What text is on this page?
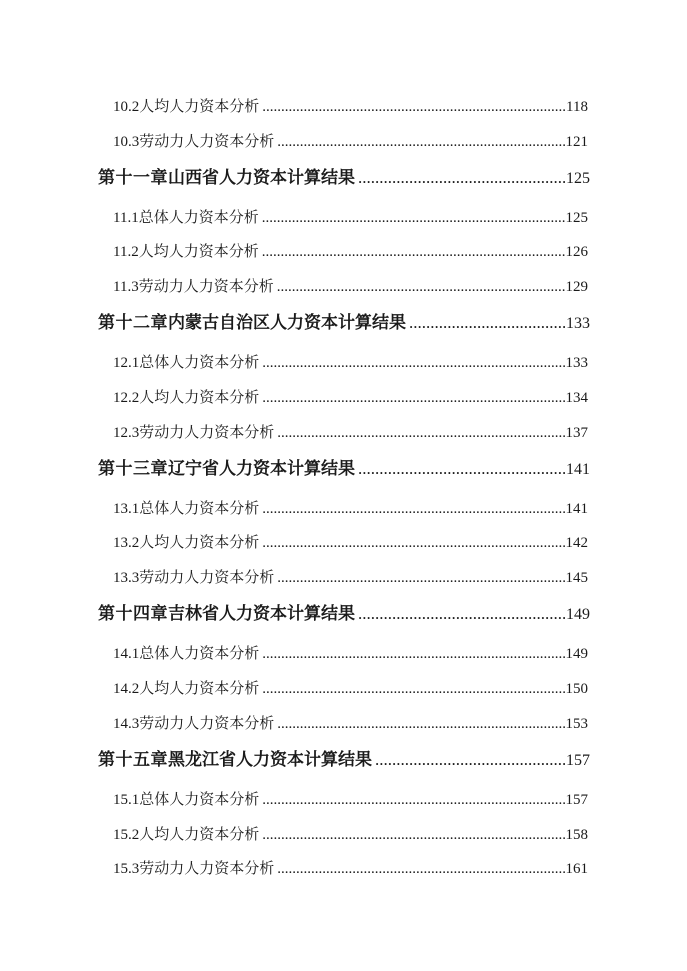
10.2 人均人力资本分析 .....	118
10.3 劳动力人力资本分析 .....	121
第十一章 山西省人力资本计算结果 .....	125
11.1 总体人力资本分析 .....	125
11.2 人均人力资本分析 .....	126
11.3 劳动力人力资本分析 .....	129
第十二章 内蒙古自治区人力资本计算结果 .....	133
12.1 总体人力资本分析 .....	133
12.2 人均人力资本分析 .....	134
12.3 劳动力人力资本分析 .....	137
第十三章 辽宁省人力资本计算结果 .....	141
13.1 总体人力资本分析 .....	141
13.2 人均人力资本分析 .....	142
13.3 劳动力人力资本分析 .....	145
第十四章 吉林省人力资本计算结果 .....	149
14.1 总体人力资本分析 .....	149
14.2 人均人力资本分析 .....	150
14.3 劳动力人力资本分析 .....	153
第十五章 黑龙江省人力资本计算结果 .....	157
15.1 总体人力资本分析 .....	157
15.2 人均人力资本分析 .....	158
15.3 劳动力人力资本分析 .....	161
